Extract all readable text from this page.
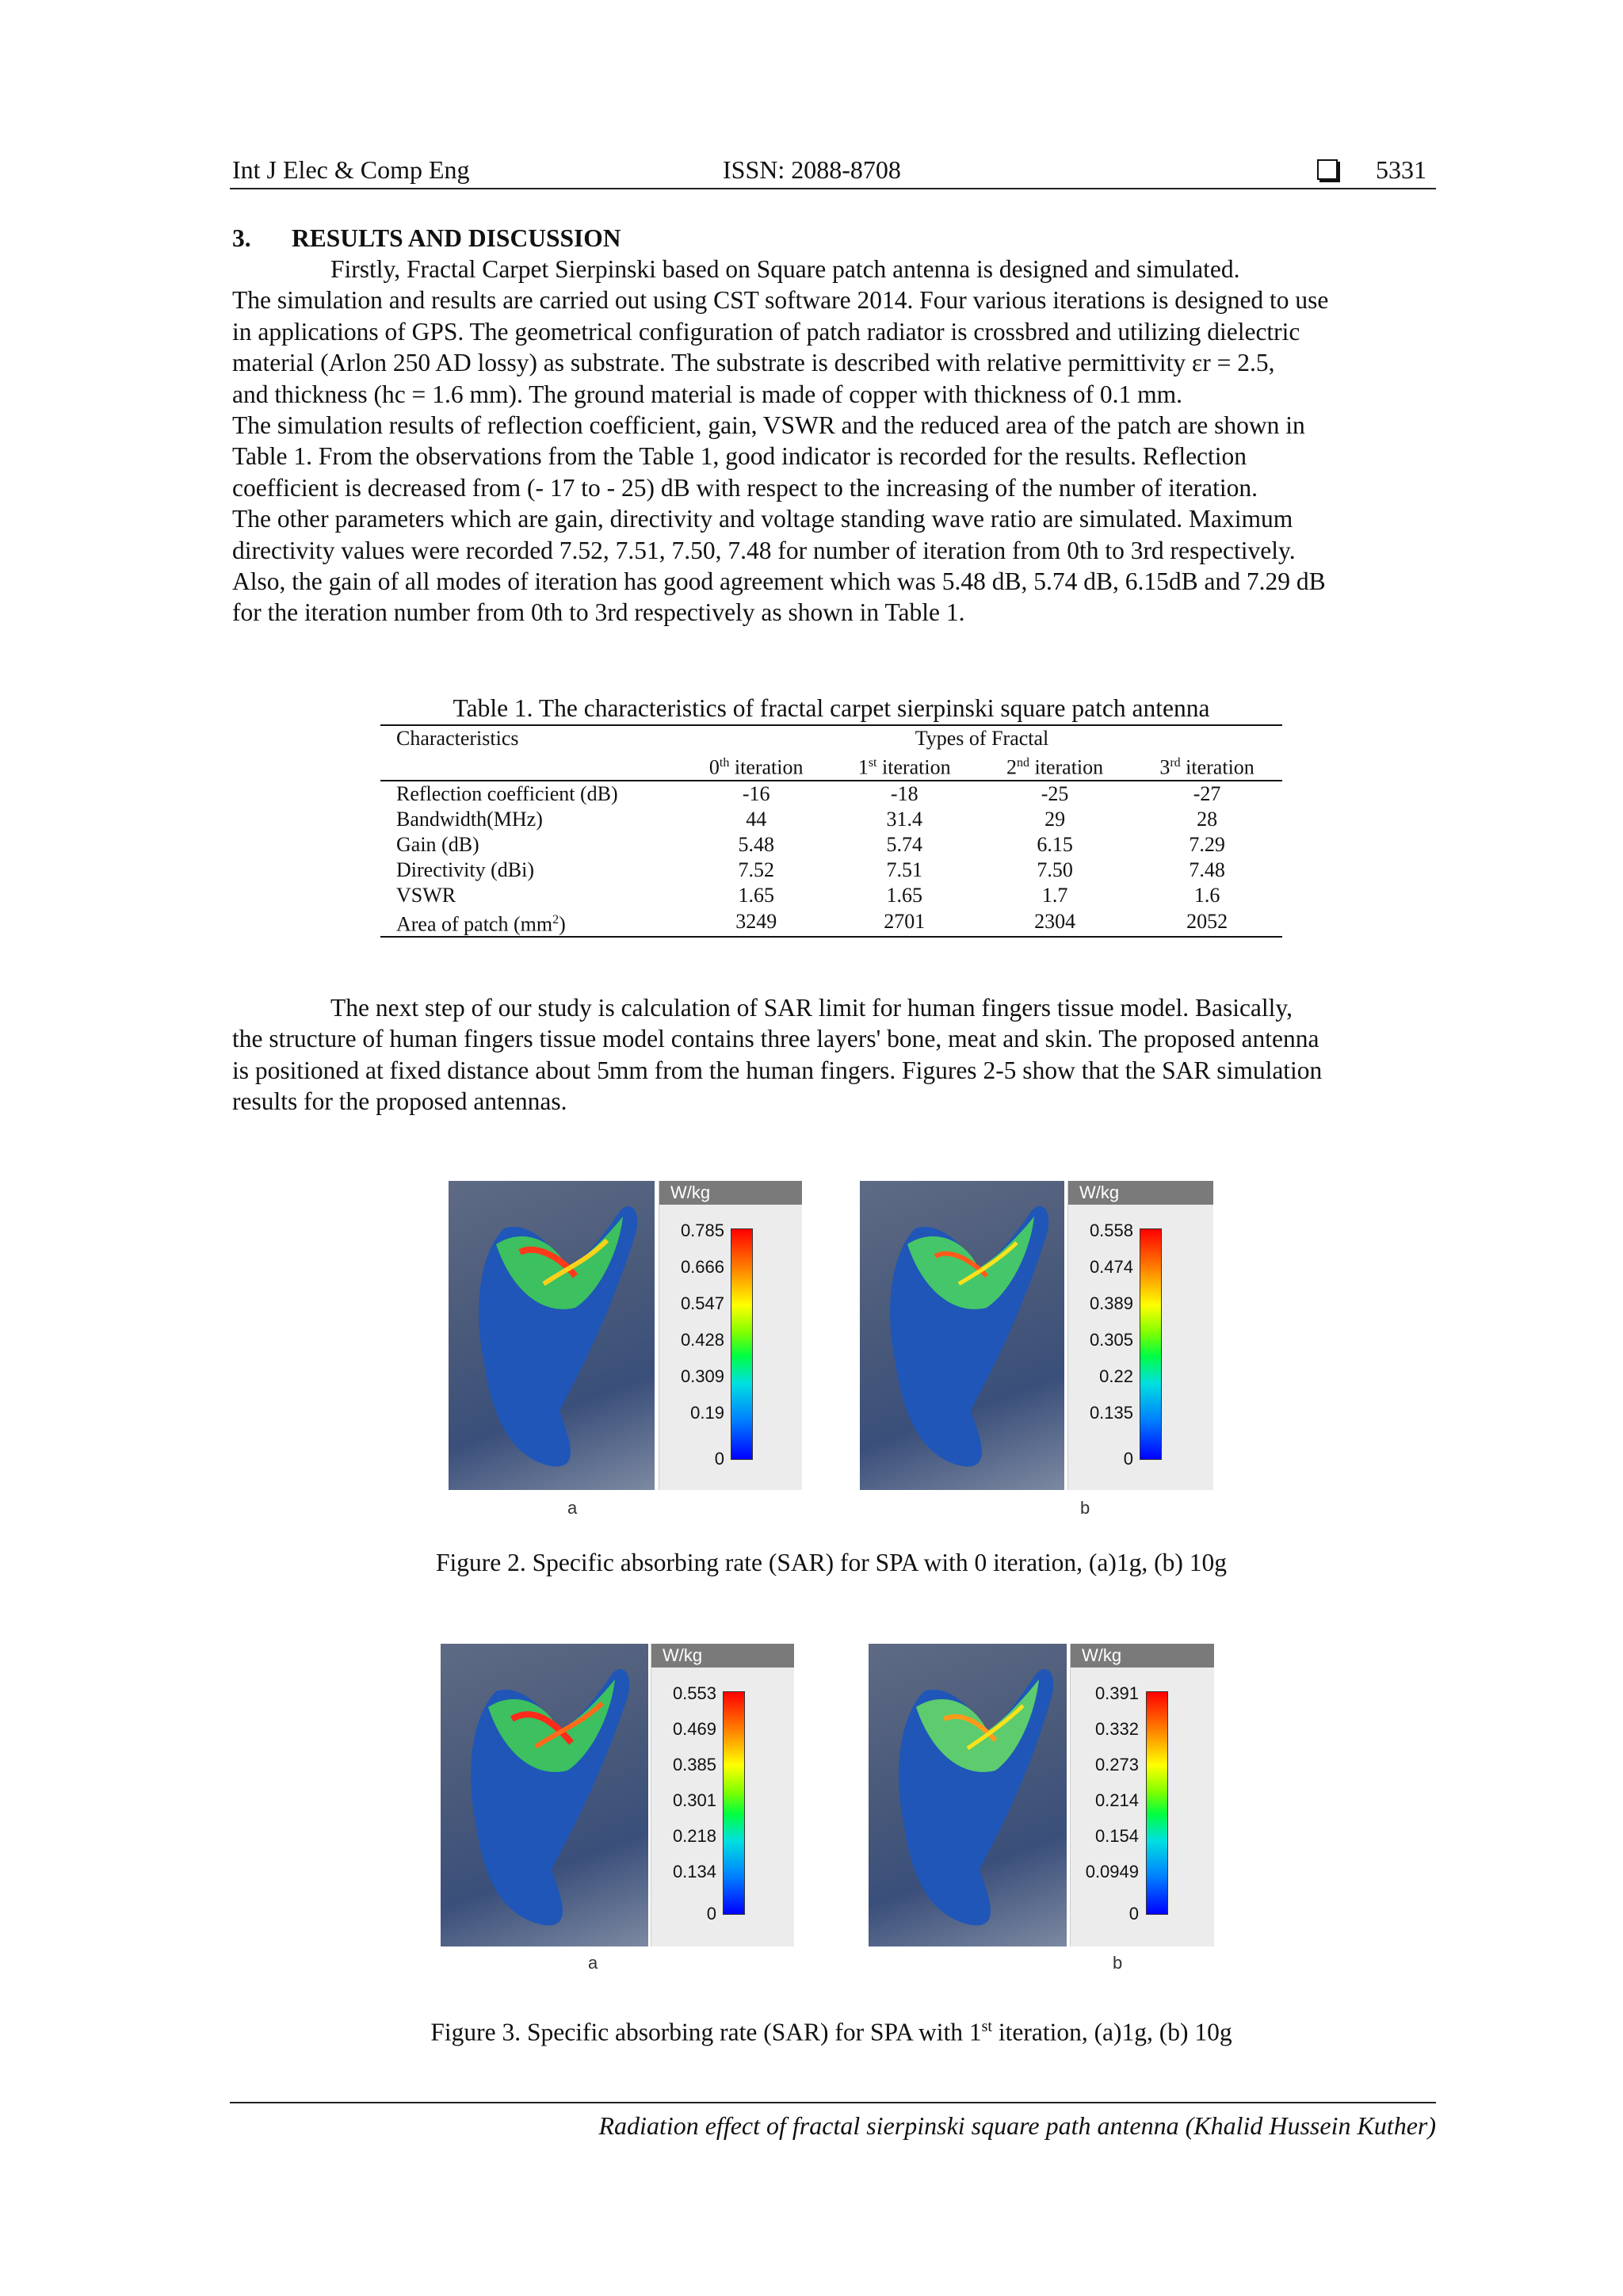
Int J Elec & Comp Eng	ISSN: 2088-8708	5331
3. RESULTS AND DISCUSSION

Firstly, Fractal Carpet Sierpinski based on Square patch antenna is designed and simulated.

The simulation and results are carried out using CST software 2014. Four various iterations is designed to use

in applications of GPS. The geometrical configuration of patch radiator is crossbred and utilizing dielectric

material (Arlon 250 AD lossy) as substrate. The substrate is described with relative permittivity εr = 2.5,

and thickness (hc = 1.6 mm). The ground material is made of copper with thickness of 0.1 mm.

The simulation results of reflection coefficient, gain, VSWR and the reduced area of the patch are shown in

Table 1. From the observations from the Table 1, good indicator is recorded for the results. Reflection

coefficient is decreased from (- 17 to - 25) dB with respect to the increasing of the number of iteration.

The other parameters which are gain, directivity and voltage standing wave ratio are simulated. Maximum

directivity values were recorded 7.52, 7.51, 7.50, 7.48 for number of iteration from 0th to 3rd respectively.

Also, the gain of all modes of iteration has good agreement which was 5.48 dB, 5.74 dB, 6.15dB and 7.29 dB

for the iteration number from 0th to 3rd respectively as shown in Table 1.

Table 1. The characteristics of fractal carpet sierpinski square patch antenna
Characteristics	Types of Fractal			
	0th iteration	1st iteration	2nd iteration	3rd iteration
Reflection coefficient (dB)	-16	-18	-25	-27
Bandwidth(MHz)	44	31.4	29	28
Gain (dB)	5.48	5.74	6.15	7.29
Directivity (dBi)	7.52	7.51	7.50	7.48
VSWR	1.65	1.65	1.7	1.6
Area of patch $(mm^2)$	3249	2701	2304	2052

The next step of our study is calculation of SAR limit for human fingers tissue model. Basically,

the structure of human fingers tissue model contains three layers' bone, meat and skin. The proposed antenna

is positioned at fixed distance about 5mm from the human fingers. Figures 2-5 show that the SAR simulation

results for the proposed antennas.

W/kg
0.785
0.666
0.547
0.428
0.309
0.19
0
a
W/kg
0.558
0.474
0.389
0.305
0.22
0.135
0
b
Figure 2. Specific absorbing rate (SAR) for SPA with 0 iteration, (a)1g, (b) 10g
W/kg
0.553
0.469
0.385
0.301
0.218
0.134
0
a
W/kg
0.391
0.332
0.273
0.214
0.154
0.0949
0
b
Figure 3. Specific absorbing rate (SAR) for SPA with 1st iteration, (a)1g, (b) 10g
Radiation effect of fractal sierpinski square path antenna (Khalid Hussein Kuther)
